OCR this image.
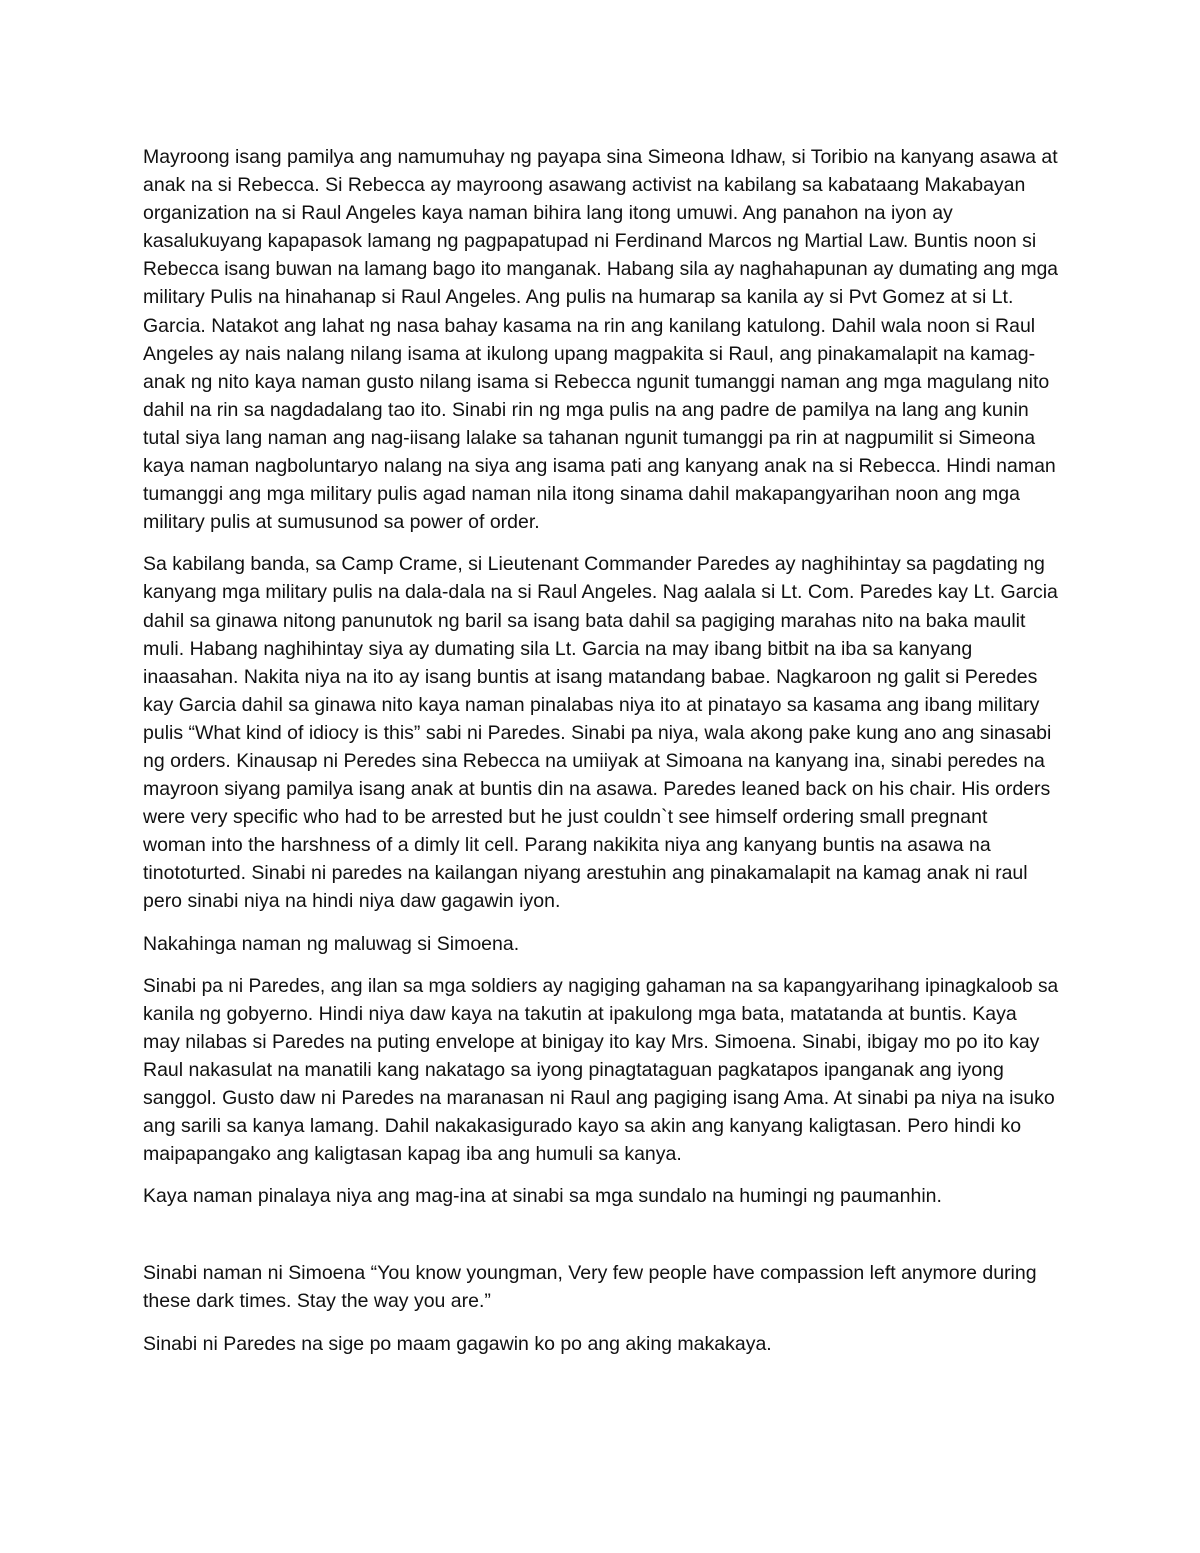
Mayroong isang pamilya ang namumuhay ng payapa sina Simeona Idhaw, si Toribio na kanyang asawa at
anak na si Rebecca. Si Rebecca ay mayroong asawang activist na kabilang sa kabataang Makabayan
organization na si Raul Angeles kaya naman bihira lang itong umuwi. Ang panahon na iyon ay
kasalukuyang kapapasok lamang ng pagpapatupad ni Ferdinand Marcos ng Martial Law. Buntis noon si
Rebecca isang buwan na lamang bago ito manganak. Habang sila ay naghahapunan ay dumating ang mga
military Pulis na hinahanap si Raul Angeles. Ang pulis na humarap sa kanila ay si Pvt Gomez at si Lt.
Garcia. Natakot ang lahat ng nasa bahay kasama na rin ang kanilang katulong. Dahil wala noon si Raul
Angeles ay nais nalang nilang isama at ikulong upang magpakita si Raul, ang pinakamalapit na kamag-
anak ng nito kaya naman gusto nilang isama si Rebecca ngunit tumanggi naman ang mga magulang nito
dahil na rin sa nagdadalang tao ito. Sinabi rin ng mga pulis na ang padre de pamilya na lang ang kunin
tutal siya lang naman ang nag-iisang lalake sa tahanan ngunit tumanggi pa rin at nagpumilit si Simeona
kaya naman nagboluntaryo nalang na siya ang isama pati ang kanyang anak na si Rebecca. Hindi naman
tumanggi ang mga military pulis agad naman nila itong sinama dahil makapangyarihan noon ang mga
military pulis at sumusunod sa power of order.
Sa kabilang banda, sa Camp Crame, si Lieutenant Commander Paredes ay naghihintay sa pagdating ng
kanyang mga military pulis na dala-dala na si Raul Angeles. Nag aalala si Lt. Com. Paredes kay Lt. Garcia
dahil sa ginawa nitong panunutok ng baril sa isang bata dahil sa pagiging marahas nito na baka maulit
muli. Habang naghihintay siya ay dumating sila Lt. Garcia na may ibang bitbit na iba sa kanyang
inaasahan. Nakita niya na ito ay isang buntis at isang matandang babae. Nagkaroon ng galit si Peredes
kay Garcia dahil sa ginawa nito kaya naman pinalabas niya ito at pinatayo sa kasama ang ibang military
pulis “What kind of idiocy is this” sabi ni Paredes. Sinabi pa niya, wala akong pake kung ano ang sinasabi
ng orders. Kinausap ni Peredes sina Rebecca na umiiyak at Simoana na kanyang ina, sinabi peredes na
mayroon siyang pamilya isang anak at buntis din na asawa. Paredes leaned back on his chair. His orders
were very specific who had to be arrested but he just couldn`t see himself ordering small pregnant
woman into the harshness of a dimly lit cell. Parang nakikita niya ang kanyang buntis na asawa na
tinototurted. Sinabi ni paredes na kailangan niyang arestuhin ang pinakamalapit na kamag anak ni raul
pero sinabi niya na hindi niya daw gagawin iyon.
Nakahinga naman ng maluwag si Simoena.
Sinabi pa ni Paredes, ang ilan sa mga soldiers ay nagiging gahaman na sa kapangyarihang ipinagkaloob sa
kanila ng gobyerno. Hindi niya daw kaya na takutin at ipakulong mga bata, matatanda at buntis. Kaya
may nilabas si Paredes na puting envelope at binigay ito kay Mrs. Simoena. Sinabi, ibigay mo po ito kay
Raul nakasulat na manatili kang nakatago sa iyong pinagtataguan pagkatapos ipanganak ang iyong
sanggol. Gusto daw ni Paredes na maranasan ni Raul ang pagiging isang Ama. At sinabi pa niya na isuko
ang sarili sa kanya lamang. Dahil nakakasigurado kayo sa akin ang kanyang kaligtasan. Pero hindi ko
maipapangako ang kaligtasan kapag iba ang humuli sa kanya.
Kaya naman pinalaya niya ang mag-ina at sinabi sa mga sundalo na humingi ng paumanhin.
Sinabi naman ni Simoena “You know youngman, Very few people have compassion left anymore during
these dark times. Stay the way you are.”
Sinabi ni Paredes na sige po maam gagawin ko po ang aking makakaya.
